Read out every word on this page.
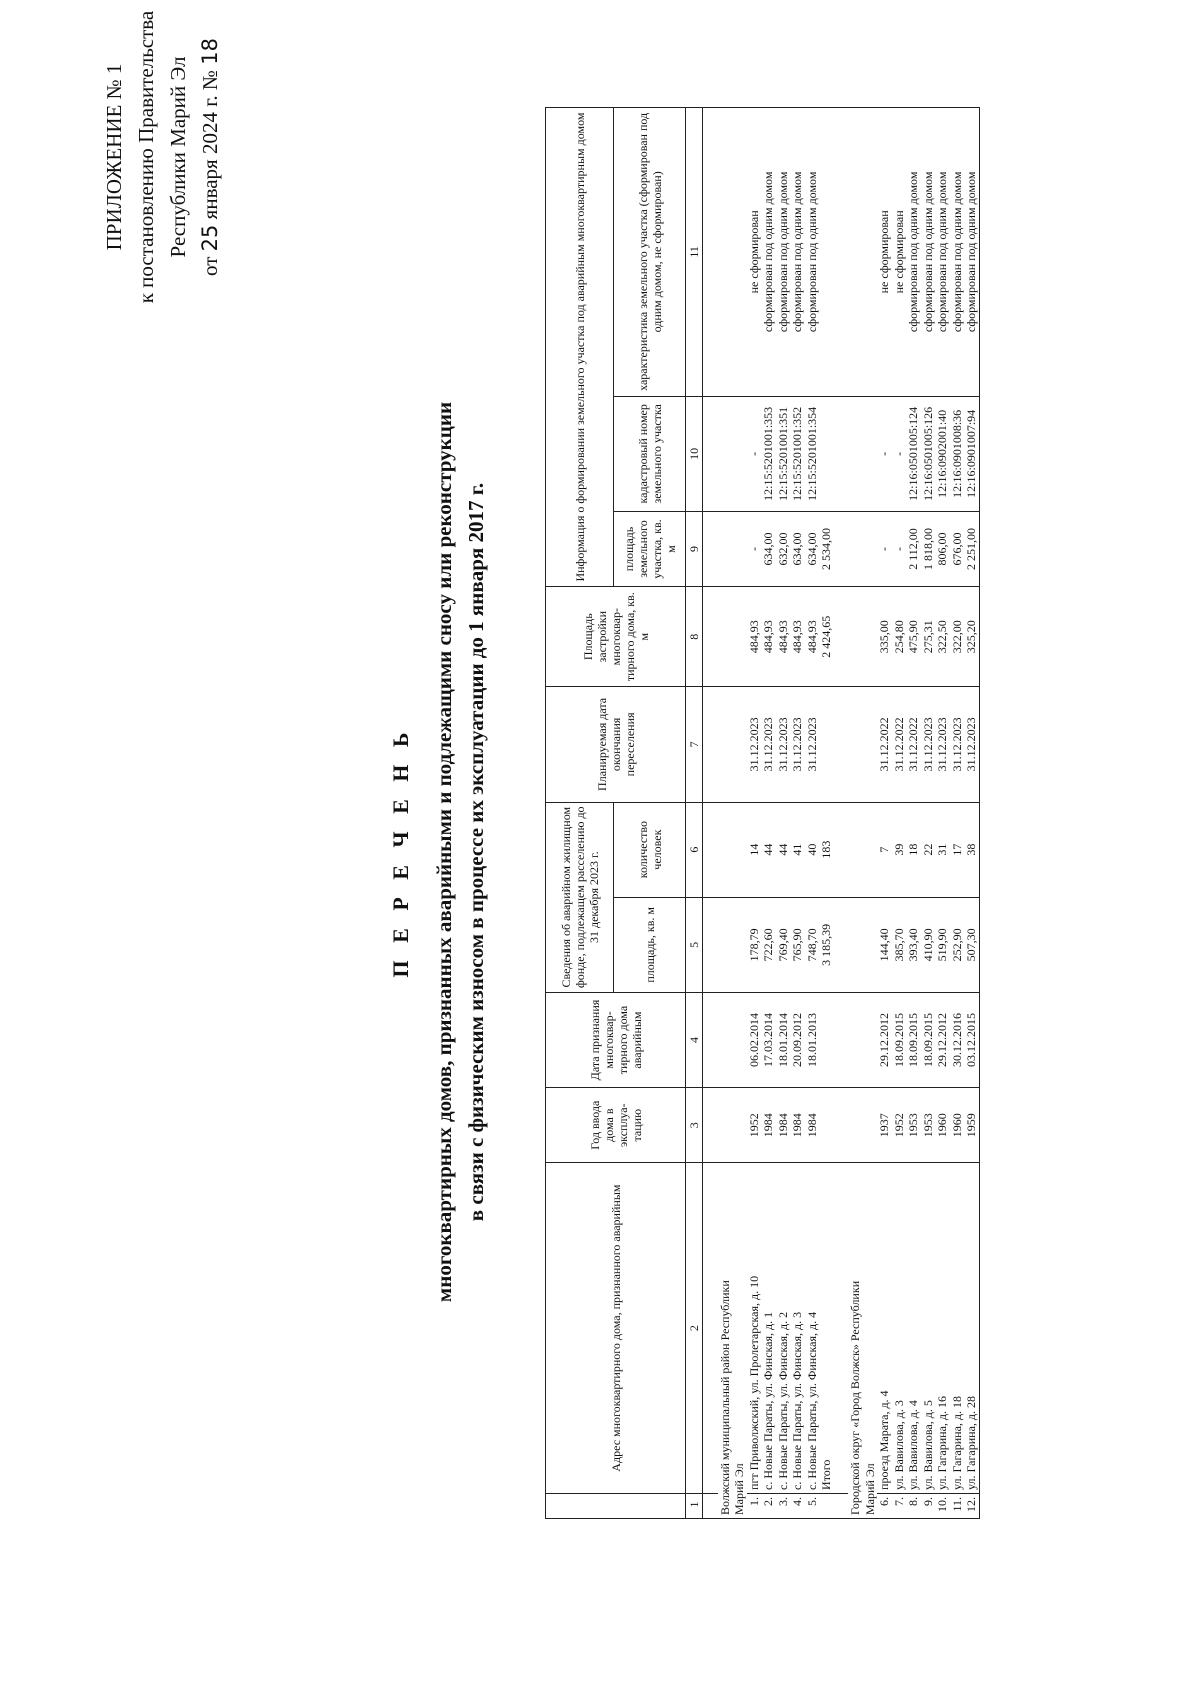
ПРИЛОЖЕНИЕ № 1 к постановлению Правительства Республики Марий Эл
от 25 января 2024 г. № 18
П Е Р Е Ч Е Н Ь многоквартирных домов, признанных аварийными и подлежащими сносу или реконструкции в связи с физическим износом в процессе их эксплуатации до 1 января 2017 г.
	Адрес многоквартирного дома, признанного аварийным	Год ввода дома в эксплуа-тацию	Дата признания многоквар-тирного дома аварийным	Сведения об аварийном жилищном фонде, подлежащем расселению до 31 декабря 2023 г.		Планируемая дата окончания переселения	Площадь застройки многоквар-тирного дома, кв. м	Информация о формировании земельного участка под аварийным многоквартирным домом		
				площадь, кв. м	количество человек			площадь земельного участка, кв. м	кадастровый номер земельного участка	характеристика земельного участка (сформирован под одним домом, не сформирован)
1	2	3	4	5	6	7	8	9	10	11

Волжский муниципальный район Республики										
Марий Эл										
1.	пгт Приволжский, ул. Пролетарская, д. 10	1952	06.02.2014	178,79	14	31.12.2023	484,93	-	-	не сформирован
2.	с. Новые Параты, ул. Финская, д. 1	1984	17.03.2014	722,60	44	31.12.2023	484,93	634,00	12:15:5201001:353	сформирован под одним домом
3.	с. Новые Параты, ул. Финская, д. 2	1984	18.01.2014	769,40	44	31.12.2023	484,93	632,00	12:15:5201001:351	сформирован под одним домом
4.	с. Новые Параты, ул. Финская, д. 3	1984	20.09.2012	765,90	41	31.12.2023	484,93	634,00	12:15:5201001:352	сформирован под одним домом
5.	с. Новые Параты, ул. Финская, д. 4	1984	18.01.2013	748,70	40	31.12.2023	484,93	634,00	12:15:5201001:354	сформирован под одним домом
	Итого			3 185,39	183		2 424,65	2 534,00		

Городской округ «Город Волжск» Республики										
Марий Эл										
6.	проезд Марата, д. 4	1937	29.12.2012	144,40	7	31.12.2022	335,00	-	-	не сформирован
7.	ул. Вавилова, д. 3	1952	18.09.2015	385,70	39	31.12.2022	254,80	-	-	не сформирован
8.	ул. Вавилова, д. 4	1953	18.09.2015	393,40	18	31.12.2022	475,90	2 112,00	12:16:0501005:124	сформирован под одним домом
9.	ул. Вавилова, д. 5	1953	18.09.2015	410,90	22	31.12.2023	275,31	1 818,00	12:16:0501005:126	сформирован под одним домом
10.	ул. Гагарина, д. 16	1960	29.12.2012	519,90	31	31.12.2023	322,50	806,00	12:16:0902001:40	сформирован под одним домом
11.	ул. Гагарина, д. 18	1960	30.12.2016	252,90	17	31.12.2023	322,00	676,00	12:16:0901008:36	сформирован под одним домом
12.	ул. Гагарина, д. 28	1959	03.12.2015	507,30	38	31.12.2023	325,20	2 251,00	12:16:0901007:94	сформирован под одним домом
